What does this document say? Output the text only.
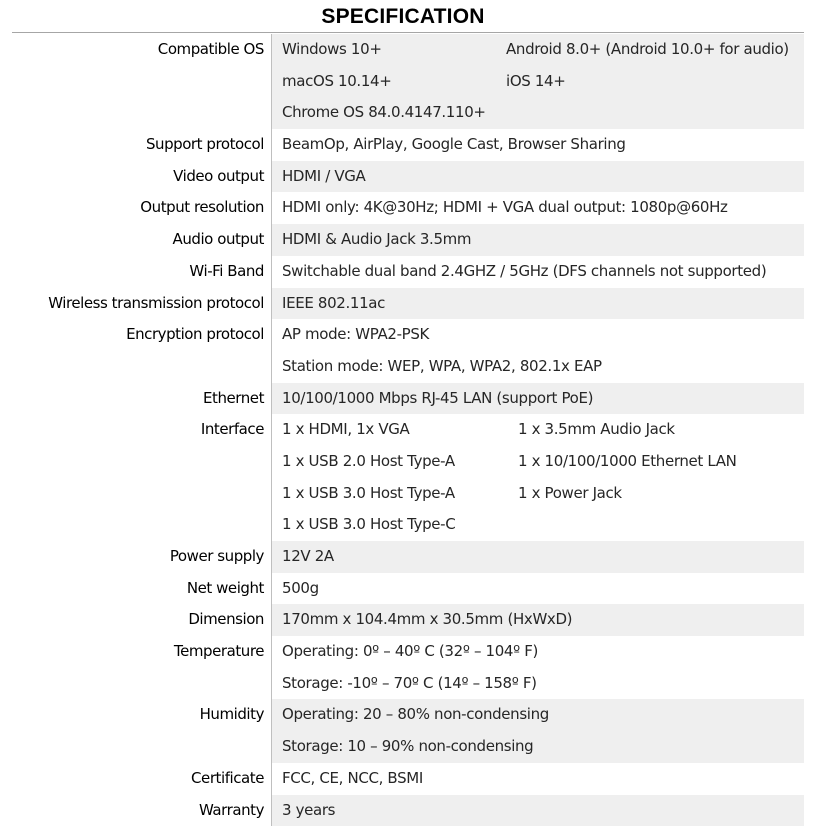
SPECIFICATION
Compatible OS Windows 10+	Android 8.0+ (Android 10.0+ for audio)
macOS 10.14+	iOS 14+
Chrome OS 84.0.4147.110+
Support protocol BeamOp, AirPlay, Google Cast, Browser Sharing
Video output HDMI / VGA
Output resolution HDMI only: 4K@30Hz; HDMI + VGA dual output: 1080p@60Hz
Audio output HDMI & Audio Jack 3.5mm
Wi-Fi Band Switchable dual band 2.4GHZ / 5GHz (DFS channels not supported)
Wireless transmission protocol IEEE 802.11ac
Encryption protocol AP mode: WPA2-PSK
Station mode: WEP, WPA, WPA2, 802.1x EAP
Ethernet 10/100/1000 Mbps RJ-45 LAN (support PoE)
Interface 1 x HDMI, 1x VGA	1 x 3.5mm Audio Jack
1 x USB 2.0 Host Type-A	1 x 10/100/1000 Ethernet LAN
1 x USB 3.0 Host Type-A	1 x Power Jack
1 x USB 3.0 Host Type-C
Power supply 12V 2A
Net weight 500g
Dimension 170mm x 104.4mm x 30.5mm (HxWxD)
Temperature Operating: 0º – 40º C (32º – 104º F)
Storage: -10º – 70º C (14º – 158º F)
Humidity Operating: 20 – 80% non-condensing
Storage: 10 – 90% non-condensing
Certificate FCC, CE, NCC, BSMI
Warranty 3 years
